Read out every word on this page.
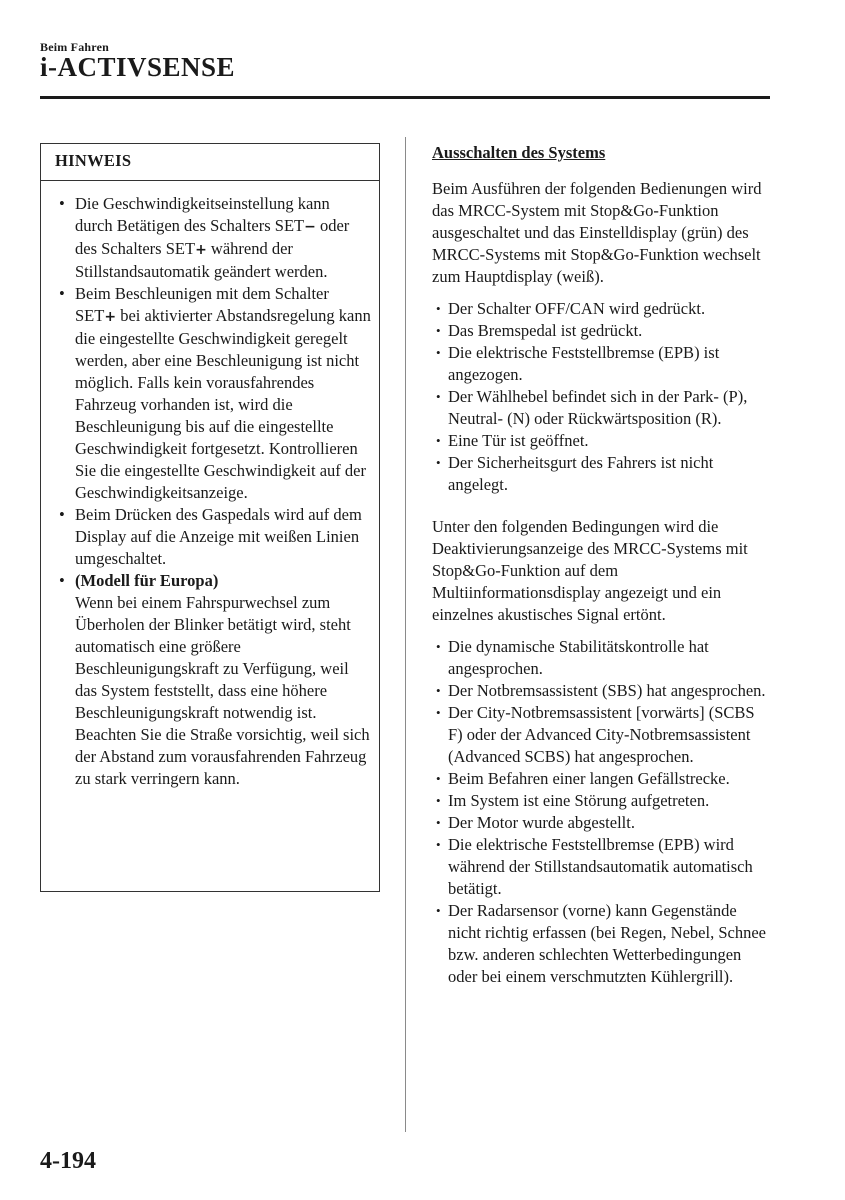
Beim Fahren
i-ACTIVSENSE
HINWEIS
• Die Geschwindigkeitseinstellung kann durch Betätigen des Schalters SET− oder des Schalters SET+ während der Stillstandsautomatik geändert werden.
• Beim Beschleunigen mit dem Schalter SET+ bei aktivierter Abstandsregelung kann die eingestellte Geschwindigkeit geregelt werden, aber eine Beschleunigung ist nicht möglich. Falls kein vorausfahrendes Fahrzeug vorhanden ist, wird die Beschleunigung bis auf die eingestellte Geschwindigkeit fortgesetzt. Kontrollieren Sie die eingestellte Geschwindigkeit auf der Geschwindigkeitsanzeige.
• Beim Drücken des Gaspedals wird auf dem Display auf die Anzeige mit weißen Linien umgeschaltet.
• (Modell für Europa)
Wenn bei einem Fahrspurwechsel zum Überholen der Blinker betätigt wird, steht automatisch eine größere Beschleunigungskraft zu Verfügung, weil das System feststellt, dass eine höhere Beschleunigungskraft notwendig ist. Beachten Sie die Straße vorsichtig, weil sich der Abstand zum vorausfahrenden Fahrzeug zu stark verringern kann.
Ausschalten des Systems

Beim Ausführen der folgenden Bedienungen wird das MRCC-System mit Stop&Go-Funktion ausgeschaltet und das Einstelldisplay (grün) des MRCC-Systems mit Stop&Go-Funktion wechselt zum Hauptdisplay (weiß).

• Der Schalter OFF/CAN wird gedrückt.
• Das Bremspedal ist gedrückt.
• Die elektrische Feststellbremse (EPB) ist angezogen.
• Der Wählhebel befindet sich in der Park- (P), Neutral- (N) oder Rückwärtsposition (R).
• Eine Tür ist geöffnet.
• Der Sicherheitsgurt des Fahrers ist nicht angelegt.

Unter den folgenden Bedingungen wird die Deaktivierungsanzeige des MRCC-Systems mit Stop&Go-Funktion auf dem Multiinformationsdisplay angezeigt und ein einzelnes akustisches Signal ertönt.

• Die dynamische Stabilitätskontrolle hat angesprochen.
• Der Notbremsassistent (SBS) hat angesprochen.
• Der City-Notbremsassistent [vorwärts] (SCBS F) oder der Advanced City-Notbremsassistent (Advanced SCBS) hat angesprochen.
• Beim Befahren einer langen Gefällstrecke.
• Im System ist eine Störung aufgetreten.
• Der Motor wurde abgestellt.
• Die elektrische Feststellbremse (EPB) wird während der Stillstandsautomatik automatisch betätigt.
• Der Radarsensor (vorne) kann Gegenstände nicht richtig erfassen (bei Regen, Nebel, Schnee bzw. anderen schlechten Wetterbedingungen oder bei einem verschmutzten Kühlergrill).
4-194
